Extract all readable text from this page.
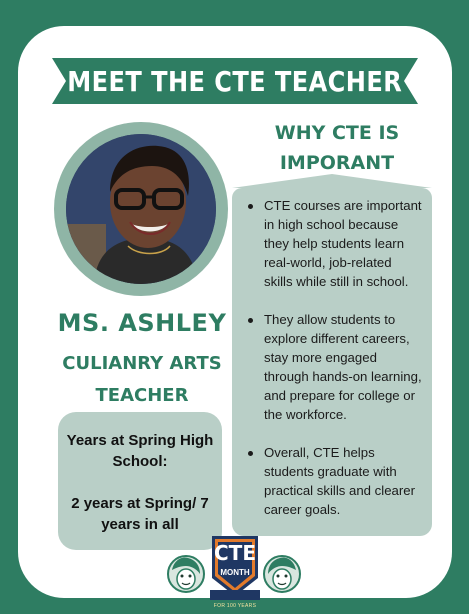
MEET THE CTE TEACHER
WHY CTE IS IMPORANT
MS. ASHLEY
CULIANRY ARTS TEACHER

Years at Spring High School:

2 years at Spring/ 7 years in all

CTE courses are important in high school because they help students learn real-world, job-related skills while still in school.
They allow students to explore different careers, stay more engaged through hands-on learning, and prepare for college or the workforce.
Overall, CTE helps students graduate with practical skills and clearer career goals.
CTE
MONTH
FOR 100 YEARS
